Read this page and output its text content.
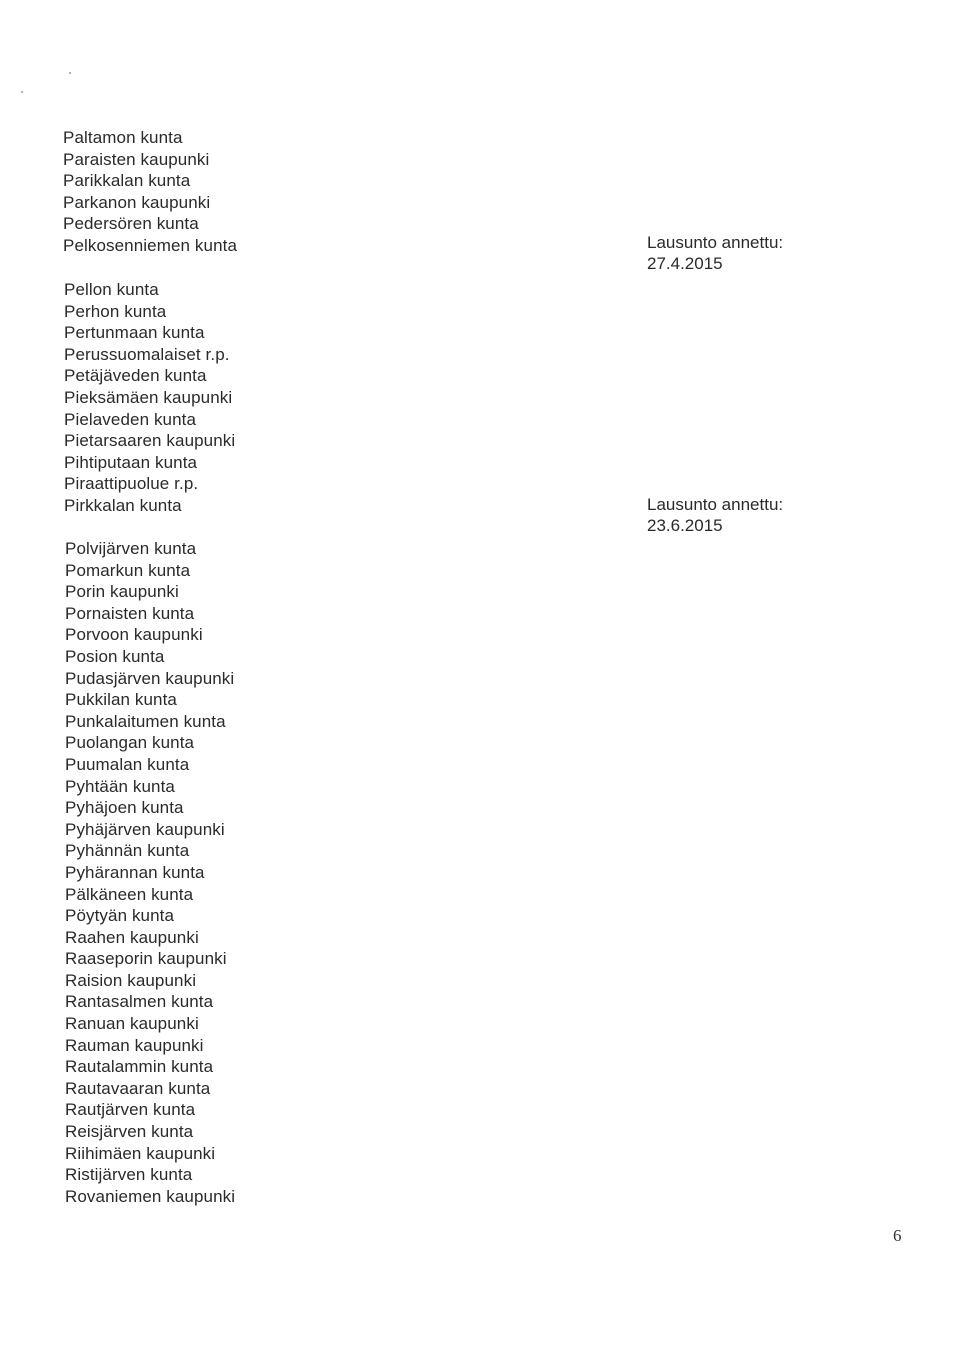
Paltamon kunta
Paraisten kaupunki
Parikkalan kunta
Parkanon kaupunki
Pedersören kunta
Pelkosenniemen kunta
Pellon kunta
Perhon kunta
Pertunmaan kunta
Perussuomalaiset r.p.
Petäjäveden kunta
Pieksämäen kaupunki
Pielaveden kunta
Pietarsaaren kaupunki
Pihtiputaan kunta
Piraattipuolue r.p.
Pirkkalan kunta
Polvijärven kunta
Pomarkun kunta
Porin kaupunki
Pornaisten kunta
Porvoon kaupunki
Posion kunta
Pudasjärven kaupunki
Pukkilan kunta
Punkalaitumen kunta
Puolangan kunta
Puumalan kunta
Pyhtään kunta
Pyhäjoen kunta
Pyhäjärven kaupunki
Pyhännän kunta
Pyhärannan kunta
Pälkäneen kunta
Pöytyän kunta
Raahen kaupunki
Raaseporin kaupunki
Raision kaupunki
Rantasalmen kunta
Ranuan kaupunki
Rauman kaupunki
Rautalammin kunta
Rautavaaran kunta
Rautjärven kunta
Reisjärven kunta
Riihimäen kaupunki
Ristijärven kunta
Rovaniemen kaupunki
Lausunto annettu:
27.4.2015
Lausunto annettu:
23.6.2015
6
